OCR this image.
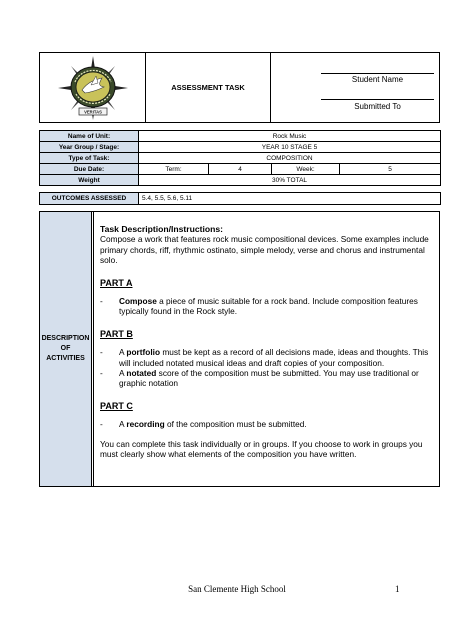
VERITAS
ASSESSMENT TASK
Student Name
Submitted To
Name of Unit:	Rock Music			
Year Group / Stage:	YEAR 10 STAGE 5			
Type of Task:	COMPOSITION			
Due Date:	Term:	4	Week:	5
Weight	30% TOTAL			
OUTCOMES ASSESSED	5.4, 5.5, 5.6, 5.11
DESCRIPTION
OF
ACTIVITIES

Task Description/Instructions:

Compose a work that features rock music compositional devices. Some examples include primary chords, riff, rhythmic ostinato, simple melody, verse and chorus and instrumental solo.

PART A

- Compose a piece of music suitable for a rock band. Include composition features typically found in the Rock style.

PART B

- A portfolio must be kept as a record of all decisions made, ideas and thoughts. This will included notated musical ideas and draft copies of your composition.

- A notated score of the composition must be submitted. You may use traditional or graphic notation

PART C

- A recording of the composition must be submitted.

You can complete this task individually or in groups. If you choose to work in groups you must clearly show what elements of the composition you have written.

San Clemente High School	1
